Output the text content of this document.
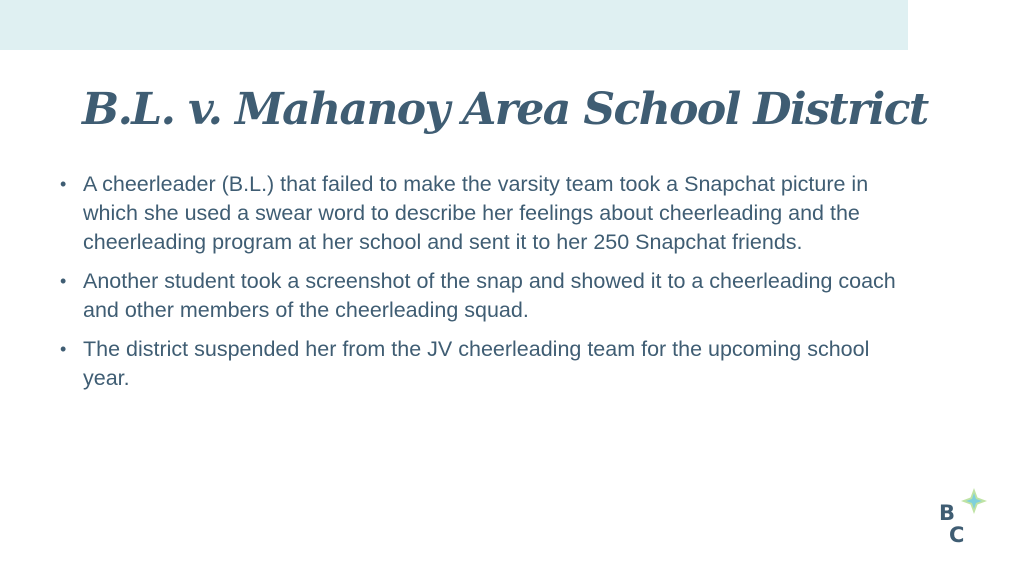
B.L. v. Mahanoy Area School District
• A cheerleader (B.L.) that failed to make the varsity team took a Snapchat picture in which she used a swear word to describe her feelings about cheerleading and the cheerleading program at her school and sent it to her 250 Snapchat friends.
• Another student took a screenshot of the snap and showed it to a cheerleading coach and other members of the cheerleading squad.
• The district suspended her from the JV cheerleading team for the upcoming school year.
B
C
